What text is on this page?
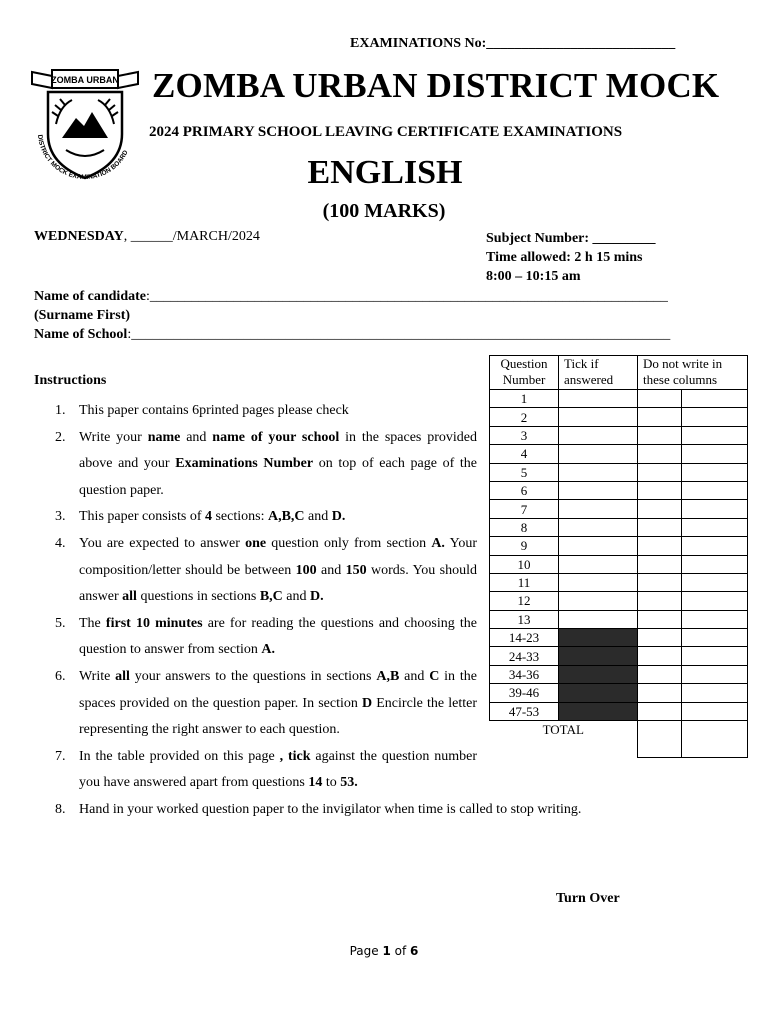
EXAMINATIONS No:___________________________
ZOMBA URBAN
DISTRICT MOCK EXAMINATION BOARD
ZOMBA URBAN DISTRICT MOCK
2024 PRIMARY SCHOOL LEAVING CERTIFICATE EXAMINATIONS
ENGLISH
(100 MARKS)
WEDNESDAY, ______/MARCH/2024	Subject Number: _________
Time allowed: 2 h 15 mins
8:00 – 10:15 am
Name of candidate:__________________________________________________________________________
(Surname First)
Name of School:_____________________________________________________________________________
Instructions
1. This paper contains 6printed pages please check
2. Write your name and name of your school in the spaces provided above and your Examinations Number on top of each page of the question paper.
3. This paper consists of 4 sections: A,B,C and D.
4. You are expected to answer one question only from section A. Your composition/letter should be between 100 and 150 words. You should answer all questions in sections B,C and D.
5. The first 10 minutes are for reading the questions and choosing the question to answer from section A.
6. Write all your answers to the questions in sections A,B and C in the spaces provided on the question paper. In section D Encircle the letter representing the right answer to each question.
7. In the table provided on this page , tick against the question number you have answered apart from questions 14 to 53.
8. Hand in your worked question paper to the invigilator when time is called to stop writing.
Question Number	Tick if answered	Do not write in these columns	
1			
2			
3			
4			
5			
6			
7			
8			
9			
10			
11			
12			
13			
14-23			
24-33			
34-36			
39-46			
47-53			
TOTAL			
Turn Over
Page 1 of 6
